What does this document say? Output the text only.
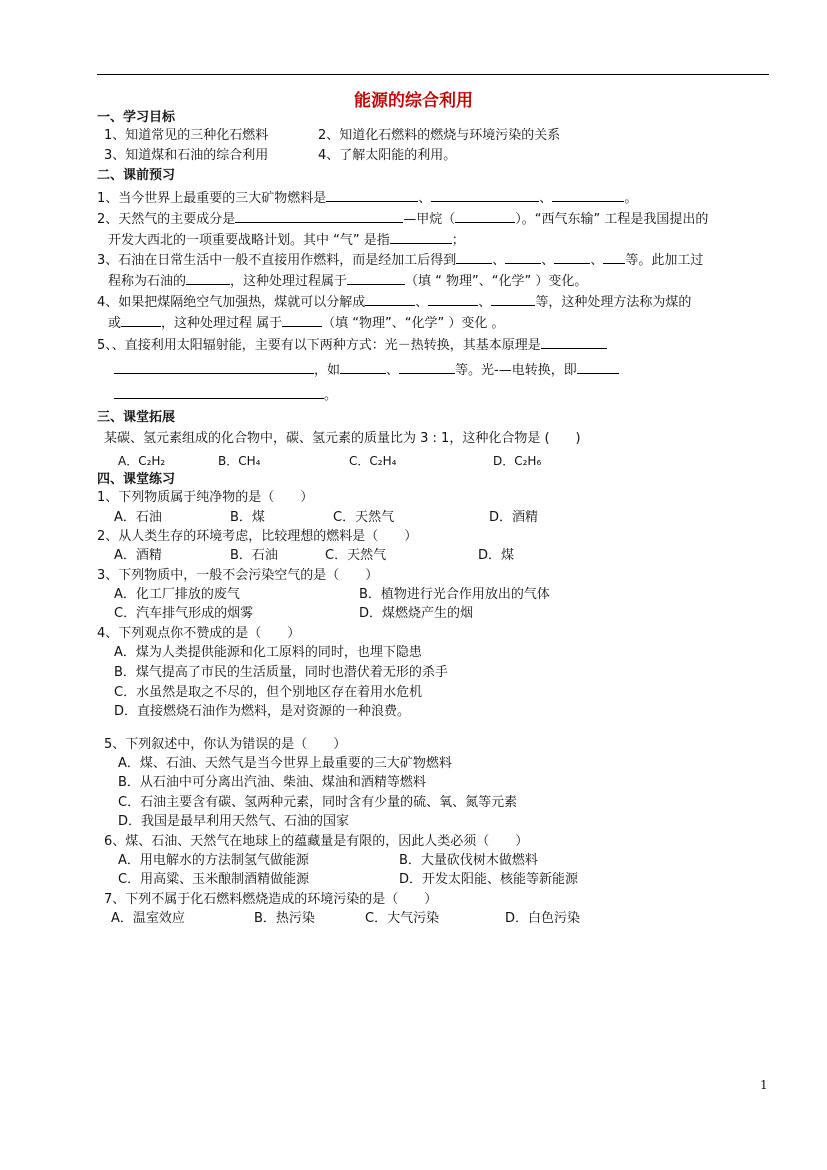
能源的综合利用
一、学习目标
1、知道常见的三种化石燃料	2、知道化石燃料的燃烧与环境污染的关系
3、知道煤和石油的综合利用	4、了解太阳能的利用。
二、课前预习
1、当今世界上最重要的三大矿物燃料是	、	、	。
2、天然气的主要成分是	—甲烷（	）。“西气东输” 工程是我国提出的
开发大西北的一项重要战略计划。其中 “气” 是指	；
3、石油在日常生活中一般不直接用作燃料，而是经加工后得到	、	、	、 等。此加工过
程称为石油的	，这种处理过程属于	（填 “ 物理”、“化学” ）变化。
4、如果把煤隔绝空气加强热，煤就可以分解成	、	、	等，这种处理方法称为煤的
或	，这种处理过程 属于	（填 “物理”、“化学” ）变化 。
5、、直接利用太阳辐射能，主要有以下两种方式：光－热转换，其基本原理是
，如	、	等。光-—电转换，即
。
三、课堂拓展
某碳、氢元素组成的化合物中，碳、氢元素的质量比为 3 : 1，这种化合物是 (　　)
A．C₂H₂	B．CH₄	C．C₂H₄	D．C₂H₆
四、课堂练习
1、下列物质属于纯净物的是（　　）
A．石油	B．煤	C．天然气	D．酒精
2、从人类生存的环境考虑，比较理想的燃料是（　　）
A．酒精	B．石油	C．天然气	D．煤
3、下列物质中，一般不会污染空气的是（　　）
A．化工厂排放的废气	B．植物进行光合作用放出的气体
C．汽车排气形成的烟雾	D．煤燃烧产生的烟
4、下列观点你不赞成的是（　　）
A．煤为人类提供能源和化工原料的同时，也埋下隐患
B．煤气提高了市民的生活质量，同时也潜伏着无形的杀手
C．水虽然是取之不尽的，但个别地区存在着用水危机
D．直接燃烧石油作为燃料，是对资源的一种浪费。
5、下列叙述中，你认为错误的是（　　）
A．煤、石油、天然气是当今世界上最重要的三大矿物燃料
B．从石油中可分离出汽油、柴油、煤油和酒精等燃料
C．石油主要含有碳、氢两种元素，同时含有少量的硫、氧、氮等元素
D．我国是最早利用天然气、石油的国家
6、煤、石油、天然气在地球上的蕴藏量是有限的，因此人类必须（　　）
A．用电解水的方法制氢气做能源	B．大量砍伐树木做燃料
C．用高粱、玉米酿制酒精做能源	D．开发太阳能、核能等新能源
7、下列不属于化石燃料燃烧造成的环境污染的是（　　）
A．温室效应	B．热污染	C．大气污染	D．白色污染
1
